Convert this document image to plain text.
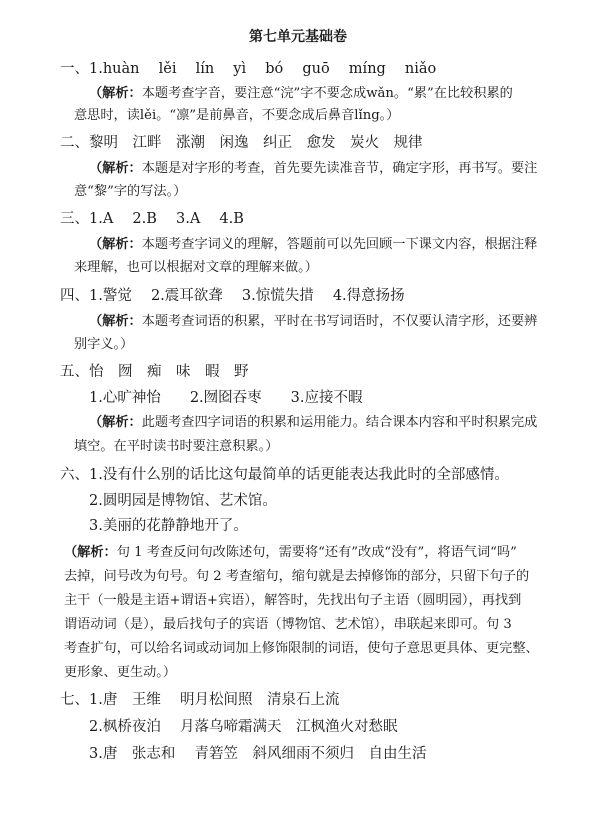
第七单元基础卷
一、1.huàn　 lěi　 lín　 yì　 bó　 guō　 míng　 niǎo
（解析：本题考查字音，要注意“浣”字不要念成wǎn。“累”在比较积累的
意思时，读lěi。“凛”是前鼻音，不要念成后鼻音lǐng。）
二、黎明　江畔　涨潮　闲逸　纠正　愈发　炭火　规律
（解析：本题是对字形的考查，首先要先读准音节，确定字形，再书写。要注
意“黎”字的写法。）
三、1.A　 2.B　 3.A　 4.B
（解析：本题考查字词义的理解，答题前可以先回顾一下课文内容，根据注释
来理解，也可以根据对文章的理解来做。）
四、1.警觉　 2.震耳欲聋　 3.惊慌失措　 4.得意扬扬
（解析：本题考查词语的积累，平时在书写词语时，不仅要认清字形，还要辨
别字义。）
五、怡　囫　痴　味　暇　野
1.心旷神怡　　2.囫囵吞枣　　3.应接不暇
（解析：此题考查四字词语的积累和运用能力。结合课本内容和平时积累完成
填空。在平时读书时要注意积累。）
六、1.没有什么别的话比这句最简单的话更能表达我此时的全部感情。
2.圆明园是博物馆、艺术馆。
3.美丽的花静静地开了。
（解析：句 1 考查反问句改陈述句，需要将“还有”改成“没有”，将语气词“吗”
去掉，问号改为句号。句 2 考查缩句，缩句就是去掉修饰的部分，只留下句子的
主干（一般是主语+谓语+宾语），解答时，先找出句子主语（圆明园），再找到
谓语动词（是），最后找句子的宾语（博物馆、艺术馆），串联起来即可。句 3
考查扩句，可以给名词或动词加上修饰限制的词语，使句子意思更具体、更完整、
更形象、更生动。）
七、1.唐　王维　 明月松间照　清泉石上流
2.枫桥夜泊　 月落乌啼霜满天　江枫渔火对愁眠
3.唐　张志和　 青箬笠　斜风细雨不须归　自由生活
